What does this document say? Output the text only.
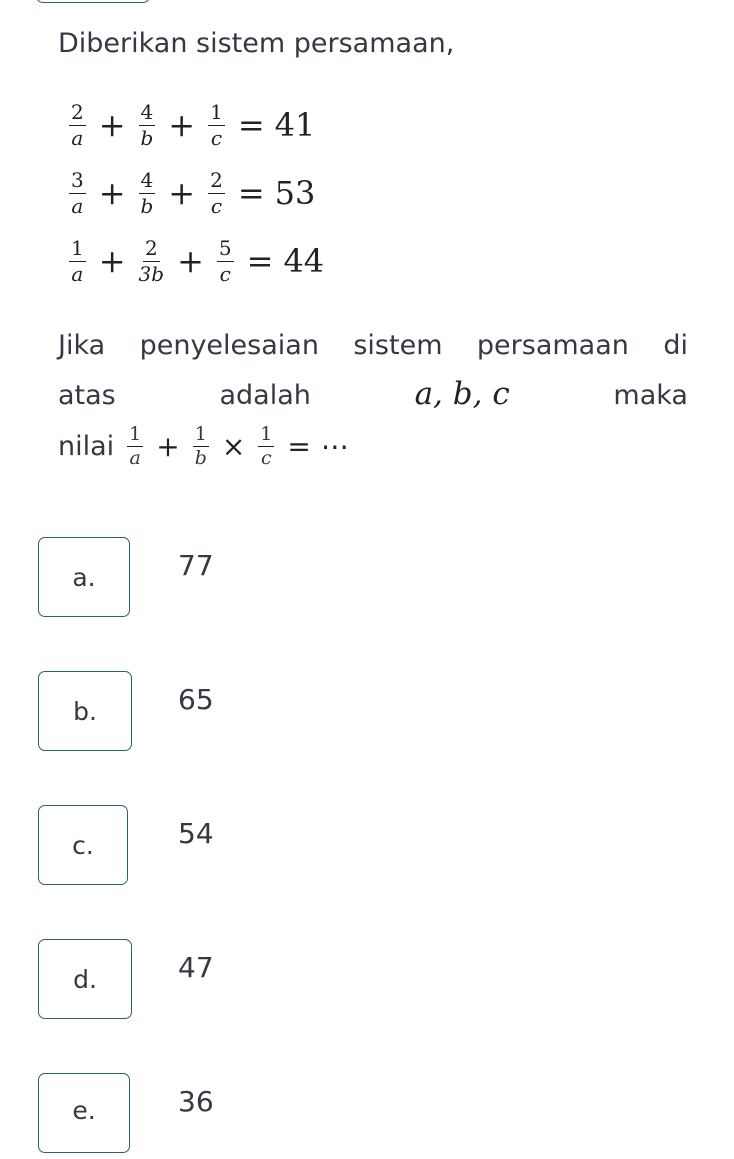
Diberikan sistem persamaan,
$\frac{2}{a} + \frac{4}{b} + \frac{1}{c} = 41$
$\frac{3}{a} + \frac{4}{b} + \frac{2}{c} = 53$
$\frac{1}{a} + \frac{2}{3b} + \frac{5}{c} = 44$
Jika penyelesaian sistem persamaan di
atas	adalah	a, b, c	maka
nilai $\frac{1}{a} + \frac{1}{b} \times \frac{1}{c}$ = ⋯
a.	77
b.	65
c.	54
d.	47
e.	36
